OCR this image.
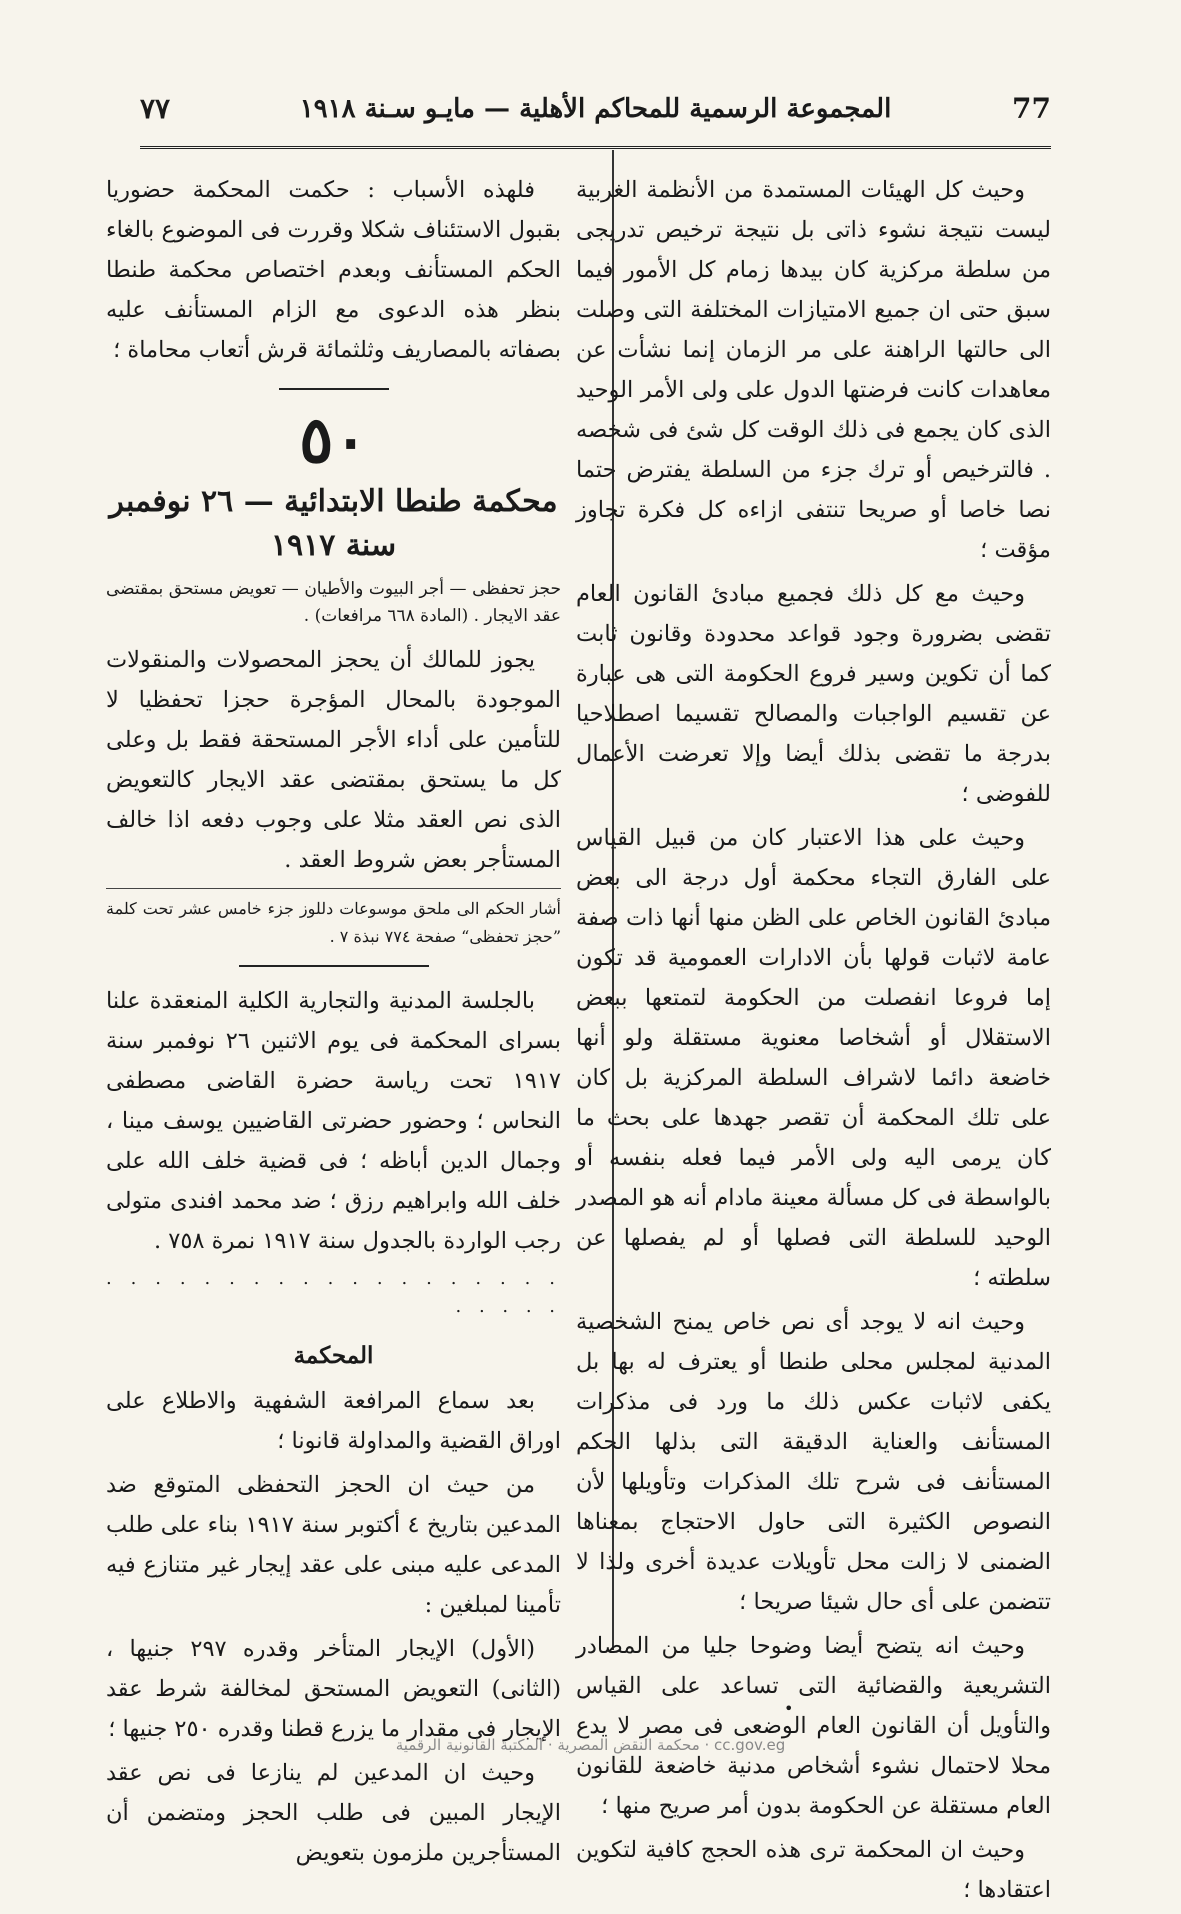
77
المجموعة الرسمية للمحاكم الأهلية — مايـو سـنة ١٩١٨
۷۷

وحيث كل الهيئات المستمدة من الأنظمة الغربية ليست نتيجة نشوء ذاتى بل نتيجة ترخيص تدريجى من سلطة مركزية كان بيدها زمام كل الأمور فيما سبق حتى ان جميع الامتيازات المختلفة التى وصلت الى حالتها الراهنة على مر الزمان إنما نشأت عن معاهدات كانت فرضتها الدول على ولى الأمر الوحيد الذى كان يجمع فى ذلك الوقت كل شئ فى شخصه . فالترخيص أو ترك جزء من السلطة يفترض حتما نصا خاصا أو صريحا تنتفى ازاءه كل فكرة تجاوز مؤقت ؛

وحيث مع كل ذلك فجميع مبادئ القانون العام تقضى بضرورة وجود قواعد محدودة وقانون ثابت كما أن تكوين وسير فروع الحكومة التى هى عبارة عن تقسيم الواجبات والمصالح تقسيما اصطلاحيا بدرجة ما تقضى بذلك أيضا وإلا تعرضت الأعمال للفوضى ؛

وحيث على هذا الاعتبار كان من قبيل القياس على الفارق التجاء محكمة أول درجة الى بعض مبادئ القانون الخاص على الظن منها أنها ذات صفة عامة لاثبات قولها بأن الادارات العمومية قد تكون إما فروعا انفصلت من الحكومة لتمتعها ببعض الاستقلال أو أشخاصا معنوية مستقلة ولو أنها خاضعة دائما لاشراف السلطة المركزية بل كان على تلك المحكمة أن تقصر جهدها على بحث ما كان يرمى اليه ولى الأمر فيما فعله بنفسه أو بالواسطة فى كل مسألة معينة مادام أنه هو المصدر الوحيد للسلطة التى فصلها أو لم يفصلها عن سلطته ؛

وحيث انه لا يوجد أى نص خاص يمنح الشخصية المدنية لمجلس محلى طنطا أو يعترف له بها بل يكفى لاثبات عكس ذلك ما ورد فى مذكرات المستأنف والعناية الدقيقة التى بذلها الحكم المستأنف فى شرح تلك المذكرات وتأويلها لأن النصوص الكثيرة التى حاول الاحتجاج بمعناها الضمنى لا زالت محل تأويلات عديدة أخرى ولذا لا تتضمن على أى حال شيئا صريحا ؛

وحيث انه يتضح أيضا وضوحا جليا من المصادر التشريعية والقضائية التى تساعد على القياس والتأويل أن القانون العام الوضعى فى مصر لا يدع محلا لاحتمال نشوء أشخاص مدنية خاضعة للقانون العام مستقلة عن الحكومة بدون أمر صريح منها ؛

وحيث ان المحكمة ترى هذه الحجج كافية لتكوين اعتقادها ؛

فلهذه الأسباب : حكمت المحكمة حضوريا بقبول الاستئناف شكلا وقررت فى الموضوع بالغاء الحكم المستأنف وبعدم اختصاص محكمة طنطا بنظر هذه الدعوى مع الزام المستأنف عليه بصفاته بالمصاريف وثلثمائة قرش أتعاب محاماة ؛

٥٠
محكمة طنطا الابتدائية — ٢٦ نوفمبر سنة ١٩١٧

حجز تحفظى — أجر البيوت والأطيان — تعويض مستحق بمقتضى عقد الايجار . (المادة ٦٦٨ مرافعات) .

يجوز للمالك أن يحجز المحصولات والمنقولات الموجودة بالمحال المؤجرة حجزا تحفظيا لا للتأمين على أداء الأجر المستحقة فقط بل وعلى كل ما يستحق بمقتضى عقد الايجار كالتعويض الذى نص العقد مثلا على وجوب دفعه اذا خالف المستأجر بعض شروط العقد .

أشار الحكم الى ملحق موسوعات دللوز جزء خامس عشر تحت كلمة ”حجز تحفظى“ صفحة ٧٧٤ نبذة ٧ .

بالجلسة المدنية والتجارية الكلية المنعقدة علنا بسراى المحكمة فى يوم الاثنين ٢٦ نوفمبر سنة ١٩١٧ تحت رياسة حضرة القاضى مصطفى النحاس ؛ وحضور حضرتى القاضيين يوسف مينا ، وجمال الدين أباظه ؛ فى قضية خلف الله على خلف الله وابراهيم رزق ؛ ضد محمد افندى متولى رجب الواردة بالجدول سنة ١٩١٧ نمرة ٧٥٨ .

. . . . . . . . . . . . . . . . . . . . . . . .
المحكمة

بعد سماع المرافعة الشفهية والاطلاع على اوراق القضية والمداولة قانونا ؛

من حيث ان الحجز التحفظى المتوقع ضد المدعين بتاريخ ٤ أكتوبر سنة ١٩١٧ بناء على طلب المدعى عليه مبنى على عقد إيجار غير متنازع فيه تأمينا لمبلغين :

(الأول) الإيجار المتأخر وقدره ٢٩٧ جنيها ، (الثانى) التعويض المستحق لمخالفة شرط عقد الإيجار فى مقدار ما يزرع قطنا وقدره ٢٥٠ جنيها ؛

وحيث ان المدعين لم ينازعا فى نص عقد الإيجار المبين فى طلب الحجز ومتضمن أن المستأجرين ملزمون بتعويض

•
cc.gov.eg · محكمة النقض المصرية · المكتبة القانونية الرقمية
